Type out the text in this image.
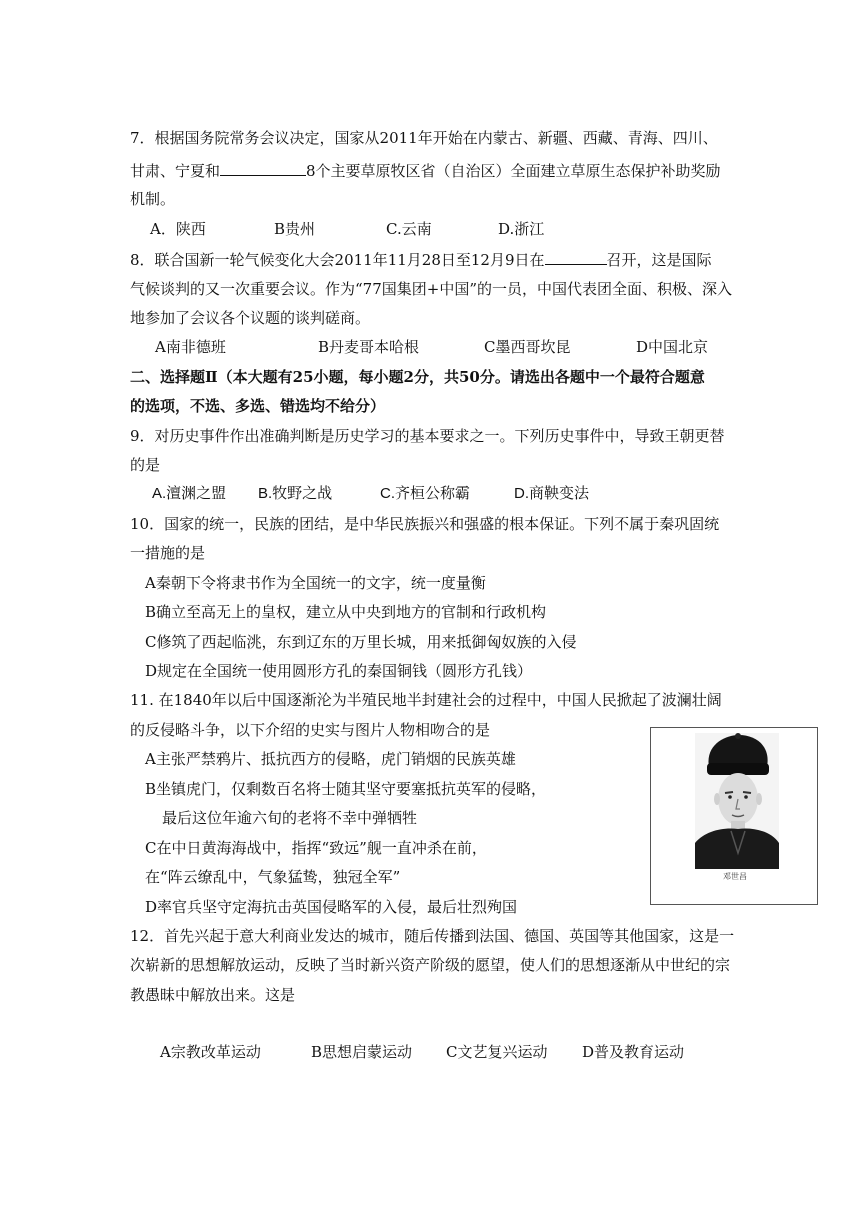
7．根据国务院常务会议决定，国家从2011年开始在内蒙古、新疆、西藏、青海、四川、
甘肃、宁夏和	8个主要草原牧区省（自治区）全面建立草原生态保护补助奖励
机制。
A．陕西	B贵州	C.云南	D.浙江
8．联合国新一轮气候变化大会2011年11月28日至12月9日在	召开，这是国际
气候谈判的又一次重要会议。作为“77国集团+中国”的一员，中国代表团全面、积极、深入
地参加了会议各个议题的谈判磋商。
A南非德班	B丹麦哥本哈根	C墨西哥坎昆	D中国北京
二、选择题Ⅱ（本大题有25小题，每小题2分，共50分。请选出各题中一个最符合题意
的选项，不选、多选、错选均不给分）
9．对历史事件作出准确判断是历史学习的基本要求之一。下列历史事件中，导致王朝更替
的是
A.澶渊之盟 B.牧野之战	C.齐桓公称霸	D.商鞅变法
10．国家的统一，民族的团结，是中华民族振兴和强盛的根本保证。下列不属于秦巩固统
一措施的是
A秦朝下令将隶书作为全国统一的文字，统一度量衡
B确立至高无上的皇权，建立从中央到地方的官制和行政机构
C修筑了西起临洮，东到辽东的万里长城，用来抵御匈奴族的入侵
D规定在全国统一使用圆形方孔的秦国铜钱（圆形方孔钱）
11. 在1840年以后中国逐渐沦为半殖民地半封建社会的过程中，中国人民掀起了波澜壮阔
的反侵略斗争，以下介绍的史实与图片人物相吻合的是
A主张严禁鸦片、抵抗西方的侵略，虎门销烟的民族英雄
B坐镇虎门，仅剩数百名将士随其坚守要塞抵抗英军的侵略，
最后这位年逾六旬的老将不幸中弹牺牲
C在中日黄海海战中，指挥“致远”舰一直冲杀在前，
在“阵云缭乱中，气象猛鸷，独冠全军”
D率官兵坚守定海抗击英国侵略军的入侵，最后壮烈殉国
邓世昌
12．首先兴起于意大利商业发达的城市，随后传播到法国、德国、英国等其他国家，这是一
次崭新的思想解放运动，反映了当时新兴资产阶级的愿望，使人们的思想逐渐从中世纪的宗
教愚昧中解放出来。这是
A宗教改革运动	B思想启蒙运动 C文艺复兴运动 D普及教育运动
